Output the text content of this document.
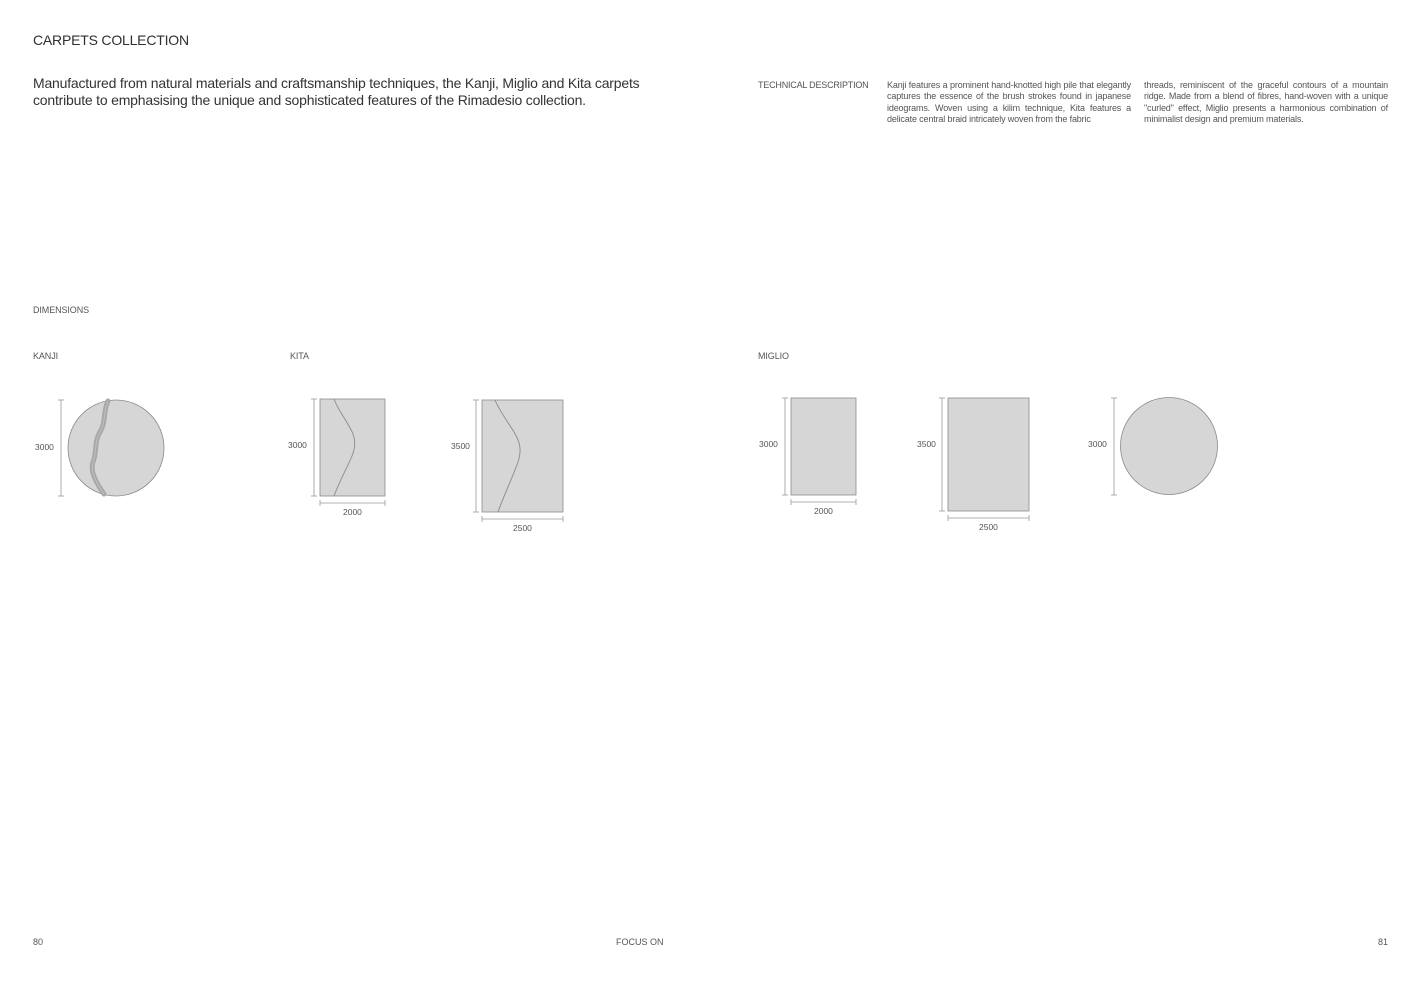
CARPETS COLLECTION
Manufactured from natural materials and craftsmanship techniques, the Kanji, Miglio and Kita carpets contribute to emphasising the unique and sophisticated features of the Rimadesio collection.
TECHNICAL DESCRIPTION Kanji features a prominent hand-knotted high pile that elegantly captures the essence of the brush strokes found in japanese ideograms. Woven using a kilim technique, Kita features a delicate central braid intricately woven from the fabric
threads, reminiscent of the graceful contours of a mountain ridge. Made from a blend of fibres, hand-woven with a unique "curled" effect, Miglio presents a harmonious combination of minimalist design and premium materials.
DIMENSIONS
KANJI	KITA	MIGLIO
3000	3000
2000
3500
2500
3000
2000
3500
2500
3000
80	FOCUS ON	81
